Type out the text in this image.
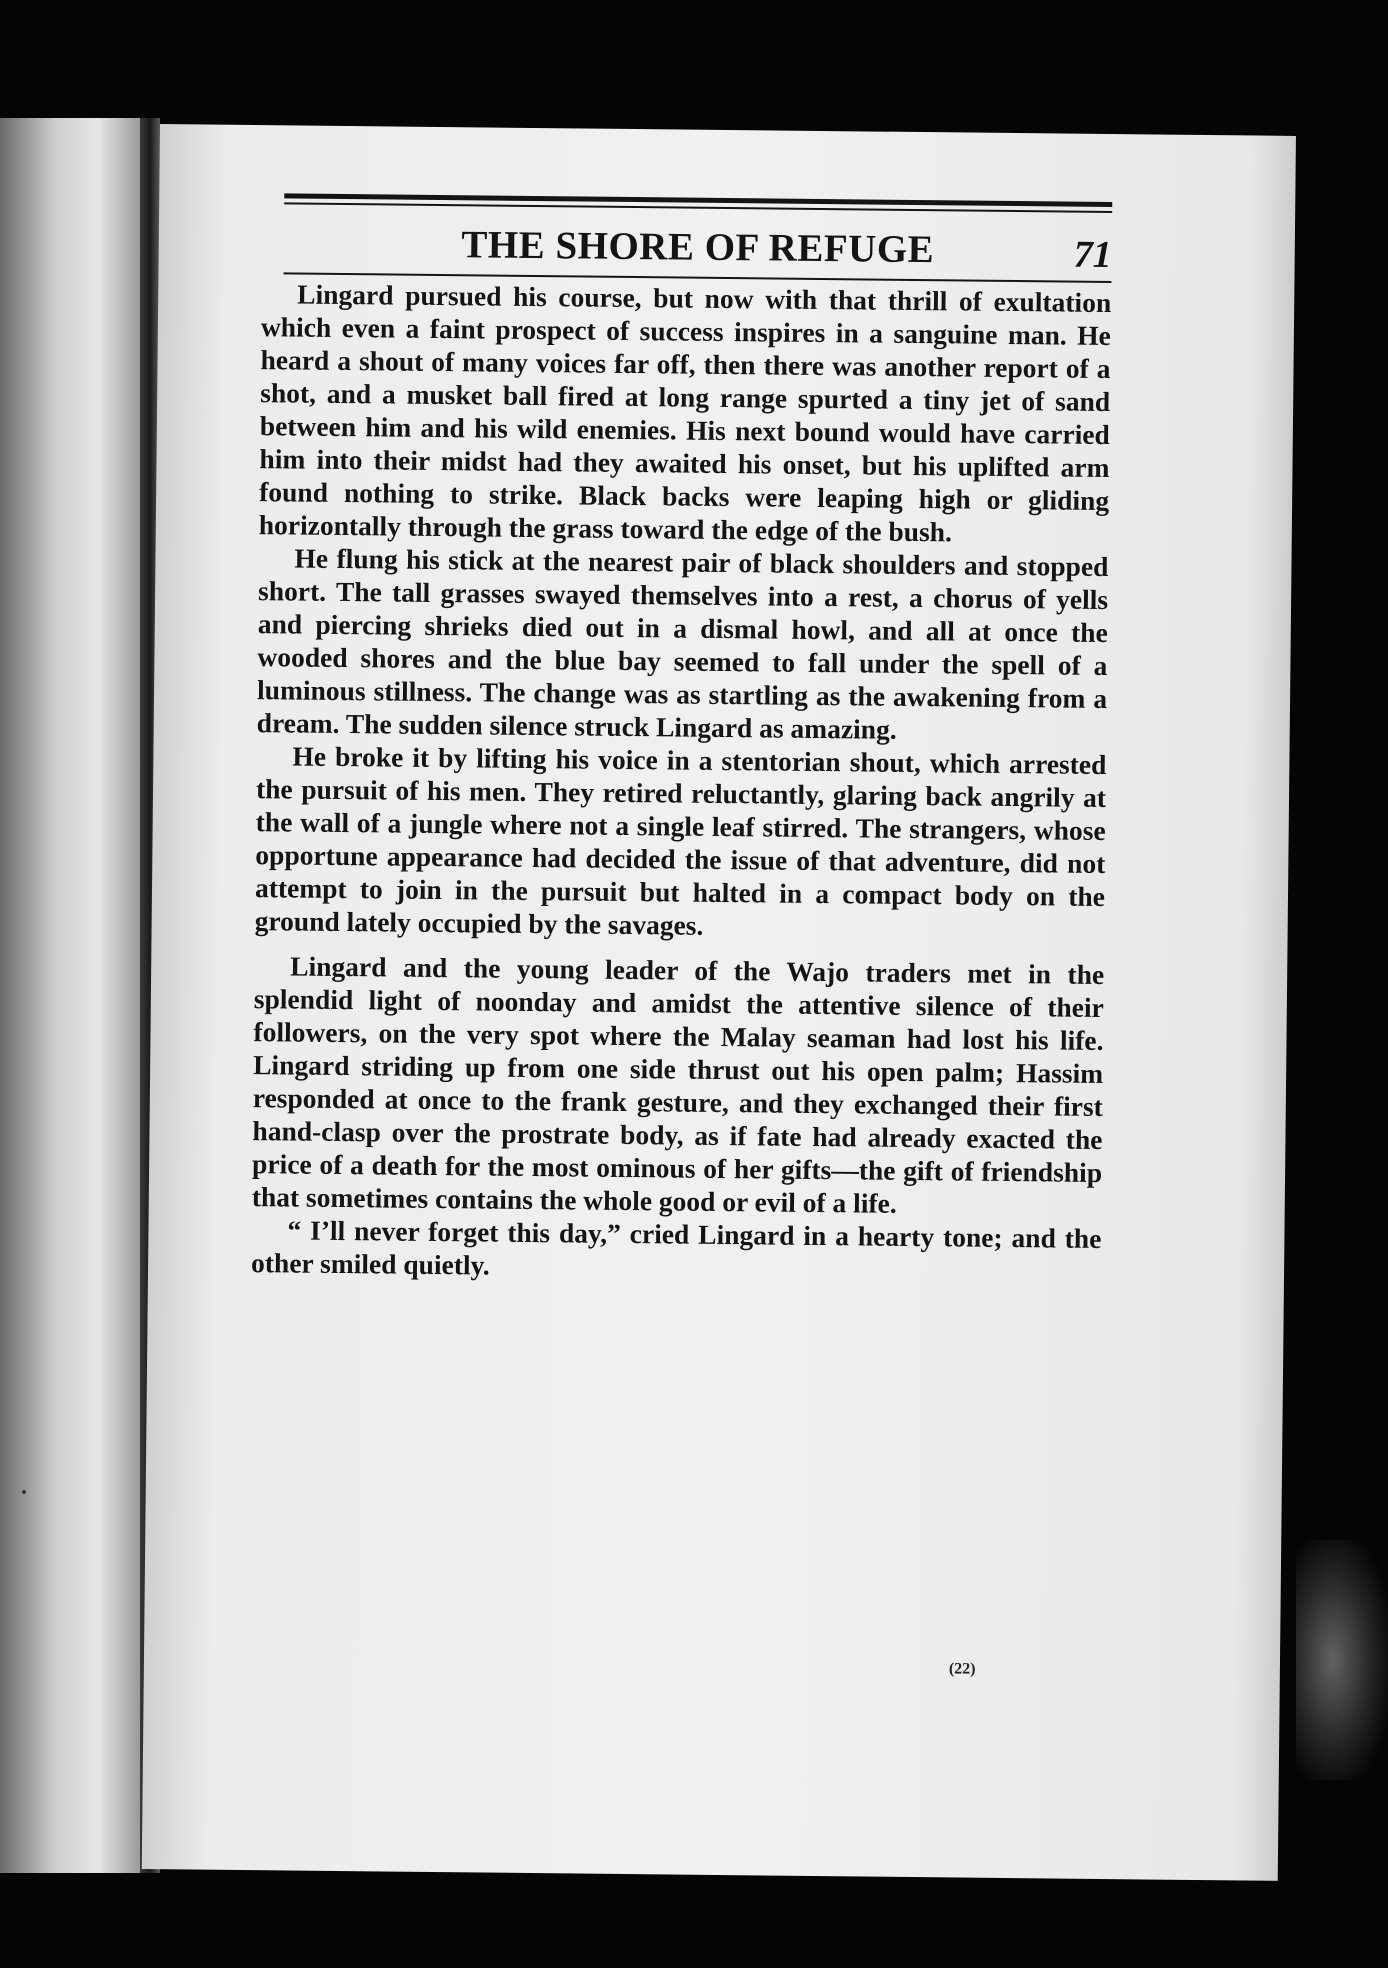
THE SHORE OF REFUGE	71

Lingard pursued his course, but now with that thrill of exultation which even a faint prospect of success inspires in a sanguine man. He heard a shout of many voices far off, then there was another report of a shot, and a musket ball fired at long range spurted a tiny jet of sand between him and his wild enemies. His next bound would have carried him into their midst had they awaited his onset, but his uplifted arm found nothing to strike. Black backs were leaping high or gliding horizontally through the grass toward the edge of the bush.

He flung his stick at the nearest pair of black shoulders and stopped short. The tall grasses swayed themselves into a rest, a chorus of yells and piercing shrieks died out in a dismal howl, and all at once the wooded shores and the blue bay seemed to fall under the spell of a luminous stillness. The change was as startling as the awakening from a dream. The sudden silence struck Lingard as amazing.

He broke it by lifting his voice in a stentorian shout, which arrested the pursuit of his men. They retired reluctantly, glaring back angrily at the wall of a jungle where not a single leaf stirred. The strangers, whose opportune appearance had decided the issue of that adventure, did not attempt to join in the pursuit but halted in a compact body on the ground lately occupied by the savages.

Lingard and the young leader of the Wajo traders met in the splendid light of noonday and amidst the attentive silence of their followers, on the very spot where the Malay seaman had lost his life. Lingard striding up from one side thrust out his open palm; Hassim responded at once to the frank gesture, and they exchanged their first hand-clasp over the prostrate body, as if fate had already exacted the price of a death for the most ominous of her gifts—the gift of friendship that sometimes contains the whole good or evil of a life.

“ I’ll never forget this day,” cried Lingard in a hearty tone; and the other smiled quietly.

(22)
